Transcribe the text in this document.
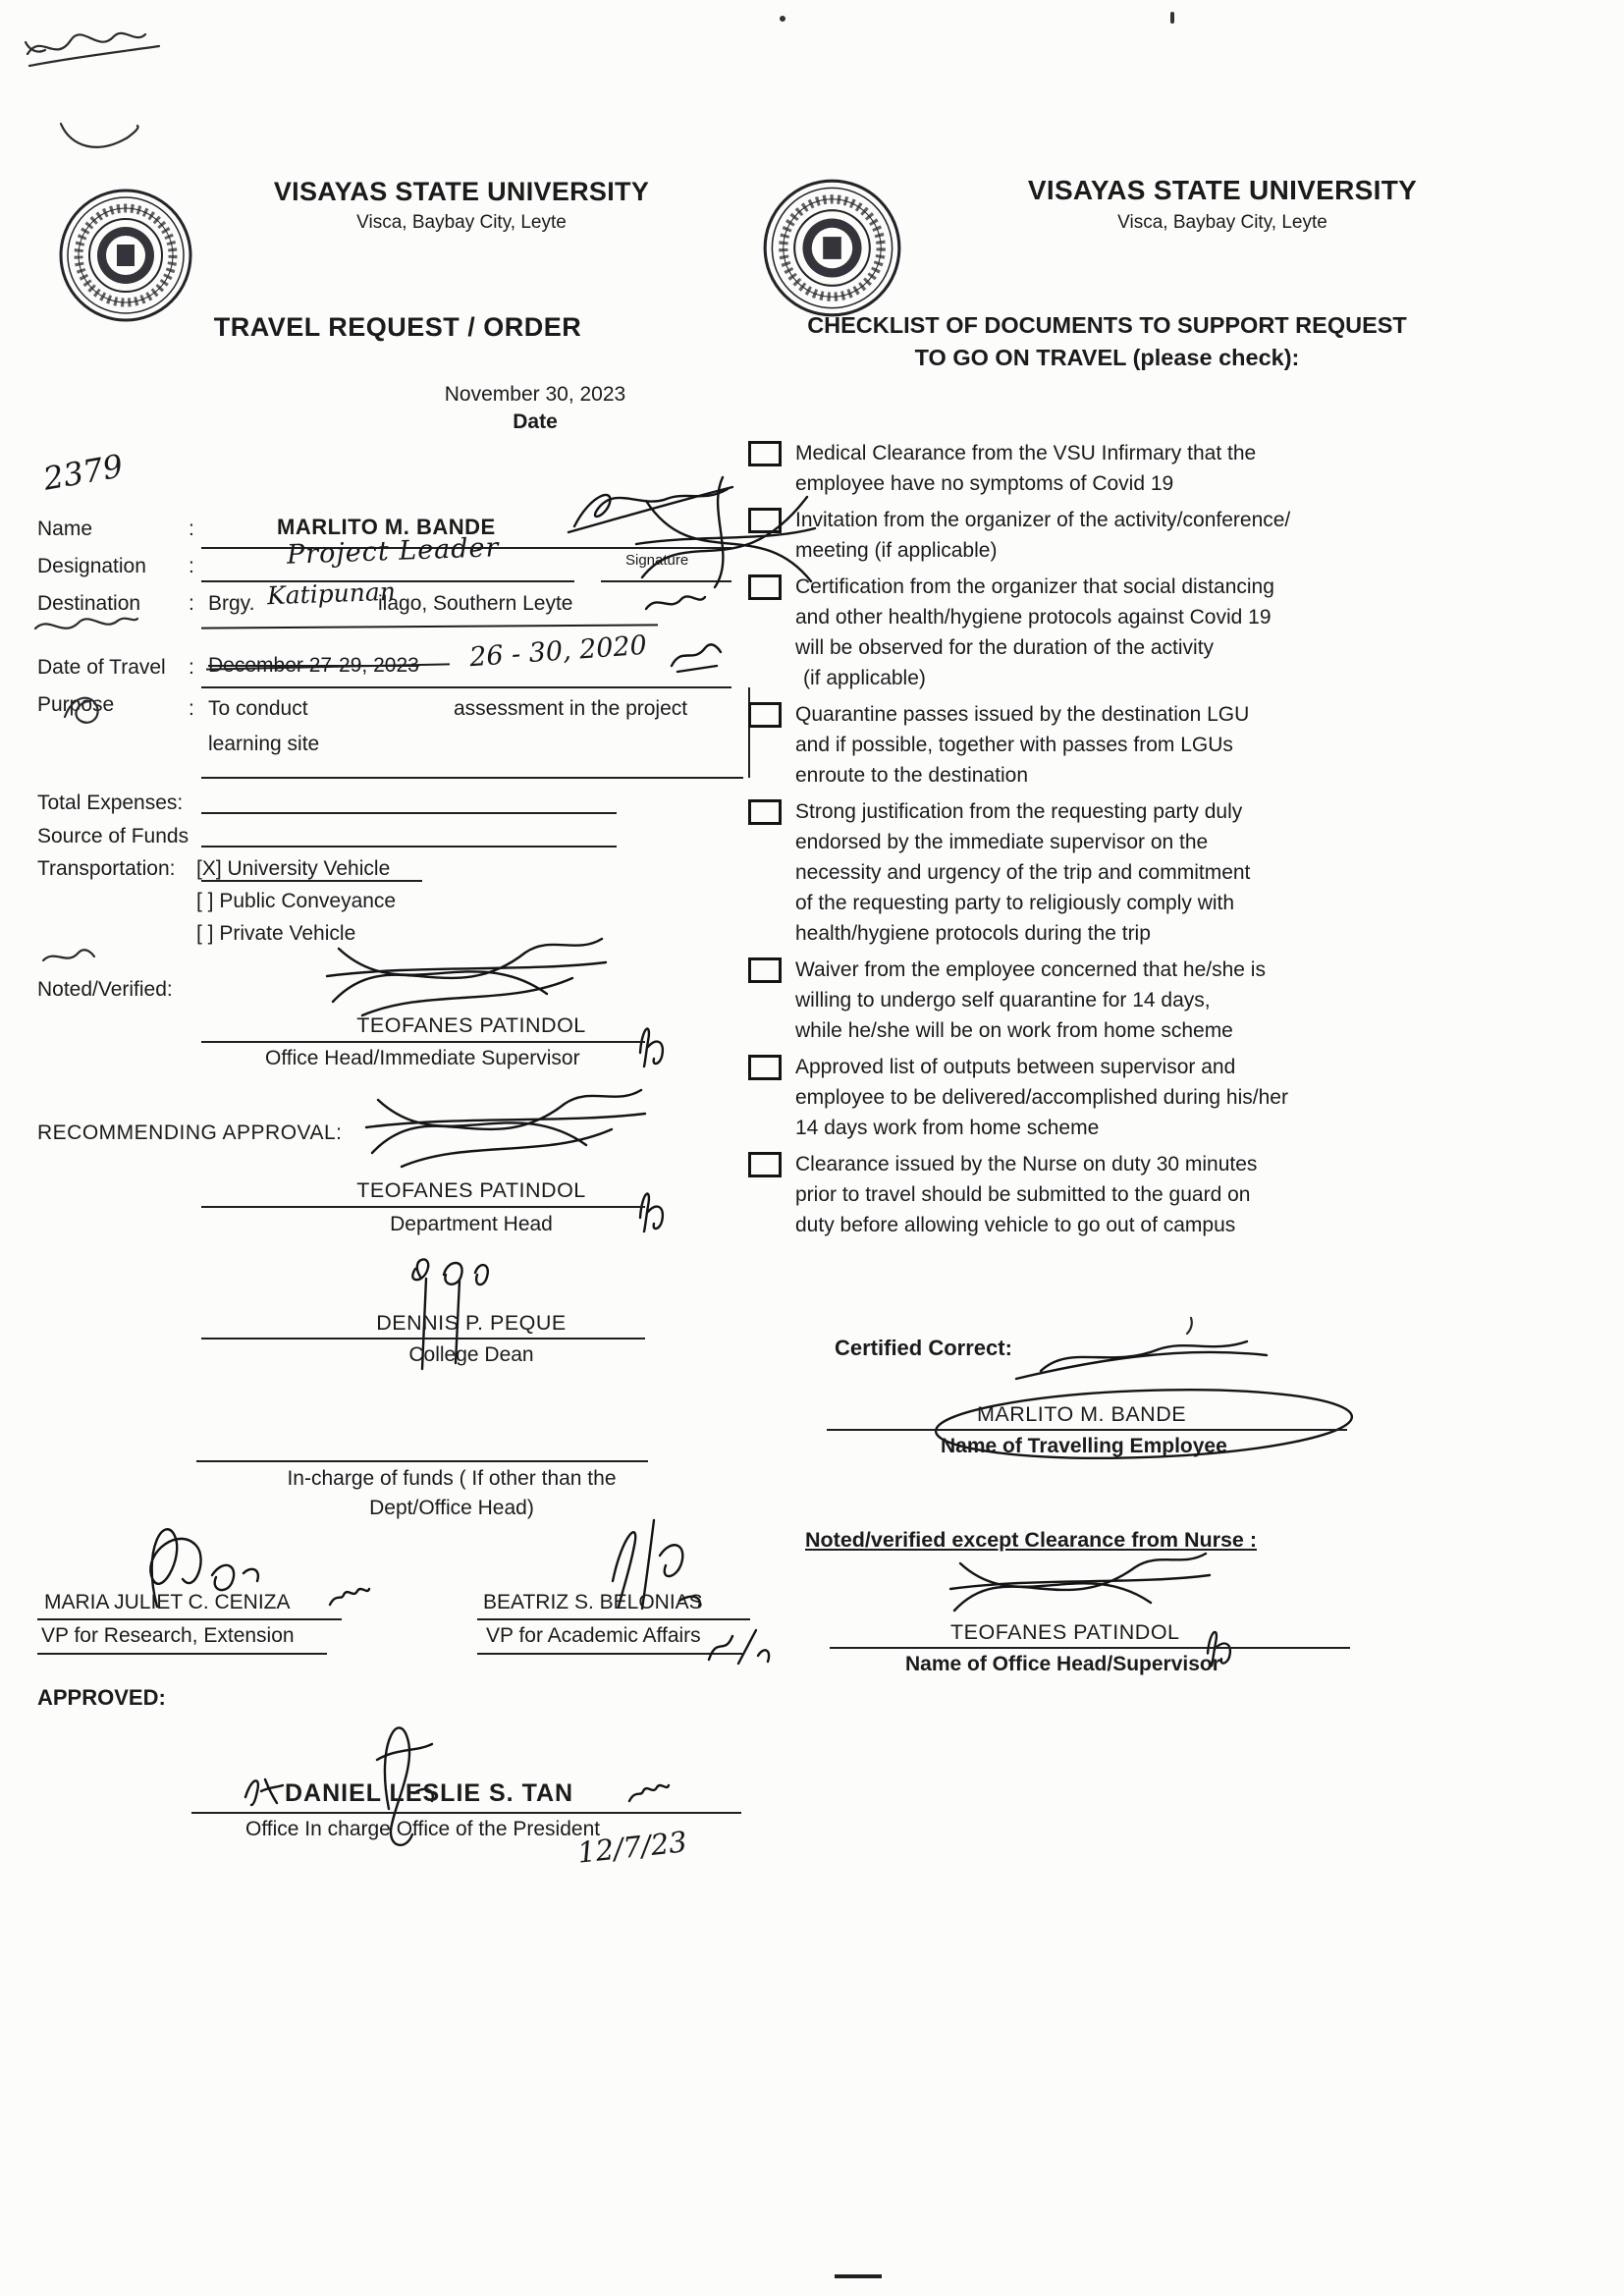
VISAYAS STATE UNIVERSITY
Visca, Baybay City, Leyte
TRAVEL REQUEST / ORDER
November 30, 2023
Date
2379
Name	:	MARLITO M. BANDE
Designation :	Project Leader	Signature
Destination : Brgy. Katipunan
ilago, Southern Leyte
Date of Travel : December 27-29, 2023 26 - 30, 2020
Purpose	: To conduct	assessment in the project
learning site
Total Expenses:
Source of Funds
Transportation: [X] University Vehicle
[ ] Public Conveyance
[ ] Private Vehicle
Noted/Verified:
TEOFANES PATINDOL
Office Head/Immediate Supervisor
RECOMMENDING APPROVAL:
TEOFANES PATINDOL
Department Head
DENNIS P. PEQUE
College Dean
In-charge of funds ( If other than the
Dept/Office Head)
MARIA JULIET C. CENIZA
VP for Research, Extension
BEATRIZ S. BELONIAS
VP for Academic Affairs
APPROVED:
DANIEL LESLIE S. TAN
Office In charge Office of the President
12/7/23
VISAYAS STATE UNIVERSITY
Visca, Baybay City, Leyte
CHECKLIST OF DOCUMENTS TO SUPPORT REQUEST
TO GO ON TRAVEL (please check):
Medical Clearance from the VSU Infirmary that the
employee have no symptoms of Covid 19
Invitation from the organizer of the activity/conference/
meeting (if applicable)
Certification from the organizer that social distancing
and other health/hygiene protocols against Covid 19
will be observed for the duration of the activity
(if applicable)
Quarantine passes issued by the destination LGU
and if possible, together with passes from LGUs
enroute to the destination
Strong justification from the requesting party duly
endorsed by the immediate supervisor on the
necessity and urgency of the trip and commitment
of the requesting party to religiously comply with
health/hygiene protocols during the trip
Waiver from the employee concerned that he/she is
willing to undergo self quarantine for 14 days,
while he/she will be on work from home scheme
Approved list of outputs between supervisor and
employee to be delivered/accomplished during his/her
14 days work from home scheme
Clearance issued by the Nurse on duty 30 minutes
prior to travel should be submitted to the guard on
duty before allowing vehicle to go out of campus
Certified Correct:
MARLITO M. BANDE
Name of Travelling Employee
Noted/verified except Clearance from Nurse :
TEOFANES PATINDOL
Name of Office Head/Supervisor
